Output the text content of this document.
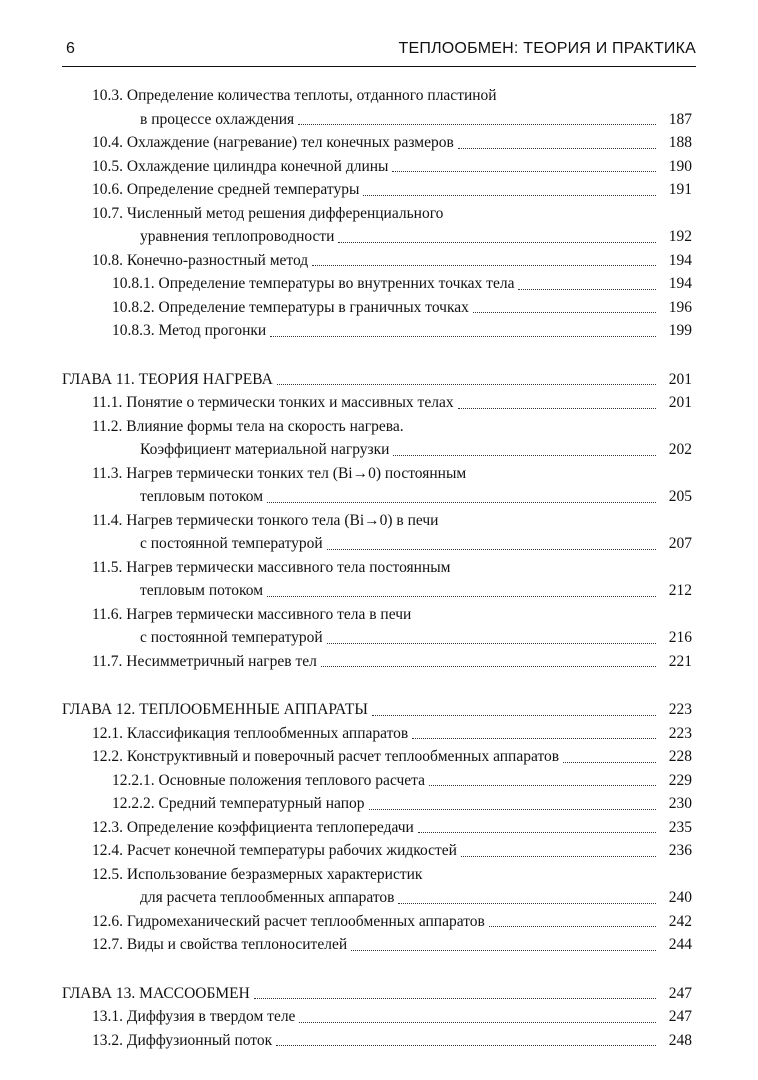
6	ТЕПЛООБМЕН: ТЕОРИЯ И ПРАКТИКА
10.3. Определение количества теплоты, отданного пластиной
в процессе охлаждения	187
10.4. Охлаждение (нагревание) тел конечных размеров	188
10.5. Охлаждение цилиндра конечной длины	190
10.6. Определение средней температуры	191
10.7. Численный метод решения дифференциального
уравнения теплопроводности	192
10.8. Конечно-разностный метод	194
10.8.1. Определение температуры во внутренних точках тела	194
10.8.2. Определение температуры в граничных точках	196
10.8.3. Метод прогонки	199
ГЛАВА 11. ТЕОРИЯ НАГРЕВА	201
11.1. Понятие о термически тонких и массивных телах	201
11.2. Влияние формы тела на скорость нагрева.
Коэффициент материальной нагрузки	202
11.3. Нагрев термически тонких тел (Bi→0) постоянным
тепловым потоком	205
11.4. Нагрев термически тонкого тела (Bi→0) в печи
с постоянной температурой	207
11.5. Нагрев термически массивного тела постоянным
тепловым потоком	212
11.6. Нагрев термически массивного тела в печи
с постоянной температурой	216
11.7. Несимметричный нагрев тел	221
ГЛАВА 12. ТЕПЛООБМЕННЫЕ АППАРАТЫ	223
12.1. Классификация теплообменных аппаратов	223
12.2. Конструктивный и поверочный расчет теплообменных аппаратов	228
12.2.1. Основные положения теплового расчета	229
12.2.2. Средний температурный напор	230
12.3. Определение коэффициента теплопередачи	235
12.4. Расчет конечной температуры рабочих жидкостей	236
12.5. Использование безразмерных характеристик
для расчета теплообменных аппаратов	240
12.6. Гидромеханический расчет теплообменных аппаратов	242
12.7. Виды и свойства теплоносителей	244
ГЛАВА 13. МАССООБМЕН	247
13.1. Диффузия в твердом теле	247
13.2. Диффузионный поток	248
